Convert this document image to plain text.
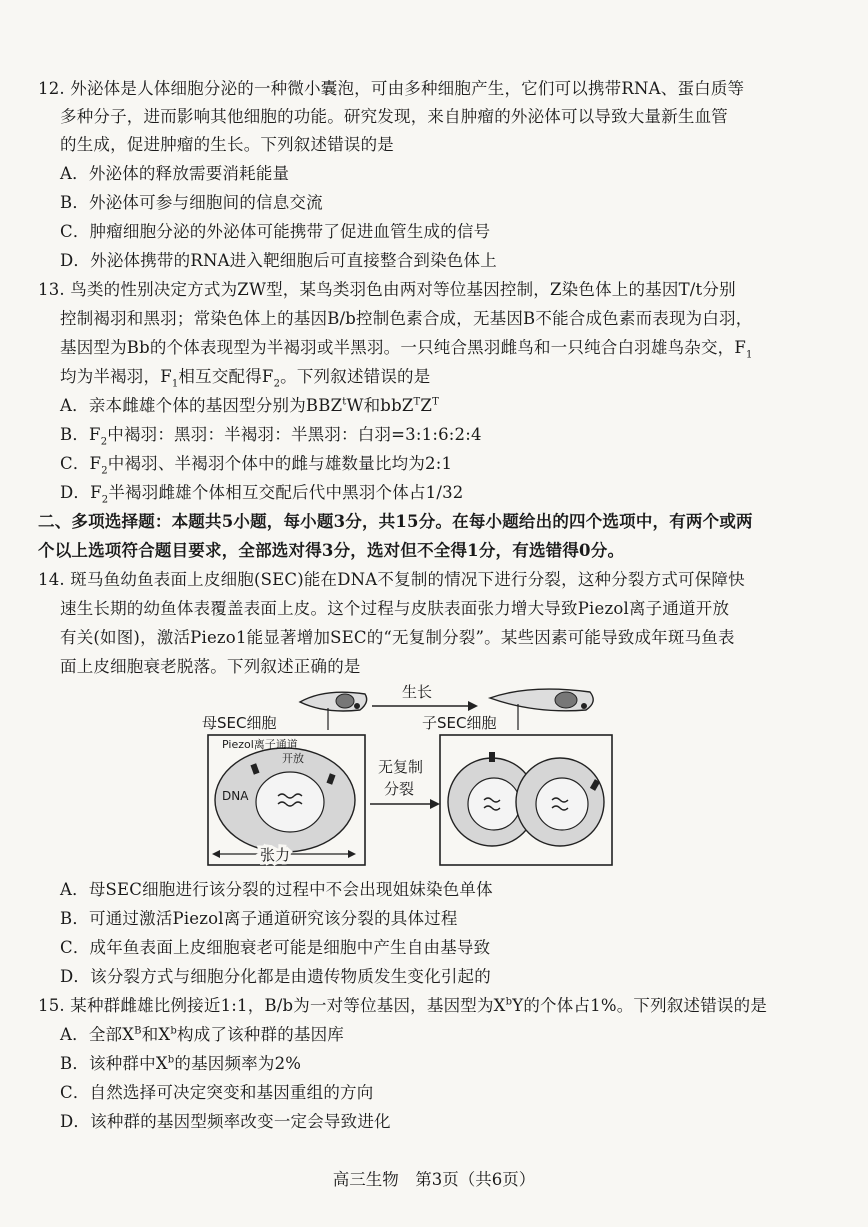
12. 外泌体是人体细胞分泌的一种微小囊泡，可由多种细胞产生，它们可以携带RNA、蛋白质等
多种分子，进而影响其他细胞的功能。研究发现，来自肿瘤的外泌体可以导致大量新生血管
的生成，促进肿瘤的生长。下列叙述错误的是
A．外泌体的释放需要消耗能量
B．外泌体可参与细胞间的信息交流
C．肿瘤细胞分泌的外泌体可能携带了促进血管生成的信号
D．外泌体携带的RNA进入靶细胞后可直接整合到染色体上
13. 鸟类的性别决定方式为ZW型，某鸟类羽色由两对等位基因控制，Z染色体上的基因T/t分别
控制褐羽和黑羽；常染色体上的基因B/b控制色素合成，无基因B不能合成色素而表现为白羽，
基因型为Bb的个体表现型为半褐羽或半黑羽。一只纯合黑羽雌鸟和一只纯合白羽雄鸟杂交，$F_1$
均为半褐羽，$F_1$相互交配得$F_2$。下列叙述错误的是
A．亲本雌雄个体的基因型分别为BBZ$^t$W和$bbZ^TZ^T$
B．$F_2$中褐羽：黑羽：半褐羽：半黑羽：白羽=3:1:6:2:4
C．$F_2$中褐羽、半褐羽个体中的雌与雄数量比均为2:1
D．$F_2$半褐羽雌雄个体相互交配后代中黑羽个体占1/32
二、多项选择题：本题共5小题，每小题3分，共15分。在每小题给出的四个选项中，有两个或两
个以上选项符合题目要求，全部选对得3分，选对但不全得1分，有选错得0分。
14. 斑马鱼幼鱼表面上皮细胞(SEC)能在DNA不复制的情况下进行分裂，这种分裂方式可保障快
速生长期的幼鱼体表覆盖表面上皮。这个过程与皮肤表面张力增大导致Piezol离子通道开放
有关(如图)，激活Piezo1能显著增加SEC的“无复制分裂”。某些因素可能导致成年斑马鱼表
面上皮细胞衰老脱落。下列叙述正确的是
生长
母SEC细胞	子SEC细胞
Piezol离子通道
开放
DNA
张力
无复制
分裂
A．母SEC细胞进行该分裂的过程中不会出现姐妹染色单体
B．可通过激活Piezol离子通道研究该分裂的具体过程
C．成年鱼表面上皮细胞衰老可能是细胞中产生自由基导致
D．该分裂方式与细胞分化都是由遗传物质发生变化引起的
15. 某种群雌雄比例接近1:1，B/b为一对等位基因，基因型为$X^bY$的个体占1%。下列叙述错误的是
A．全部$X^B$和$X^b$构成了该种群的基因库
B．该种群中$X^b$的基因频率为2%
C．自然选择可决定突变和基因重组的方向
D．该种群的基因型频率改变一定会导致进化
高三生物　第3页（共6页）
